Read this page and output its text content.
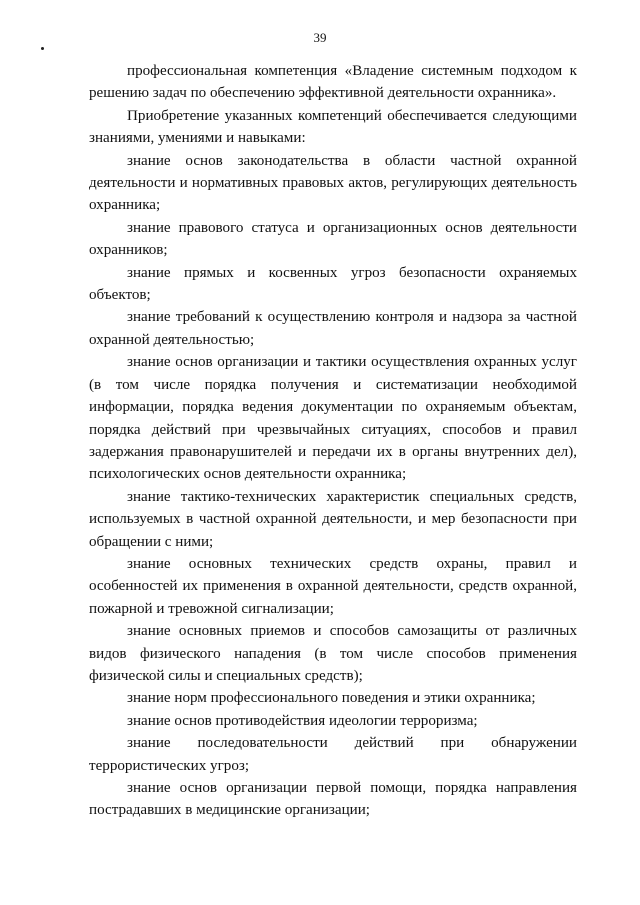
39

профессиональная компетенция «Владение системным подходом к решению задач по обеспечению эффективной деятельности охранника».

Приобретение указанных компетенций обеспечивается следующими знаниями, умениями и навыками:

знание основ законодательства в области частной охранной деятельности и нормативных правовых актов, регулирующих деятельность охранника;

знание правового статуса и организационных основ деятельности охранников;

знание прямых и косвенных угроз безопасности охраняемых объектов;

знание требований к осуществлению контроля и надзора за частной охранной деятельностью;

знание основ организации и тактики осуществления охранных услуг (в том числе порядка получения и систематизации необходимой информации, порядка ведения документации по охраняемым объектам, порядка действий при чрезвычайных ситуациях, способов и правил задержания правонарушителей и передачи их в органы внутренних дел), психологических основ деятельности охранника;

знание тактико-технических характеристик специальных средств, используемых в частной охранной деятельности, и мер безопасности при обращении с ними;

знание основных технических средств охраны, правил и особенностей их применения в охранной деятельности, средств охранной, пожарной и тревожной сигнализации;

знание основных приемов и способов самозащиты от различных видов физического нападения (в том числе способов применения физической силы и специальных средств);

знание норм профессионального поведения и этики охранника;

знание основ противодействия идеологии терроризма;

знание последовательности действий при обнаружении террористических угроз;

знание основ организации первой помощи, порядка направления пострадавших в медицинские организации;
